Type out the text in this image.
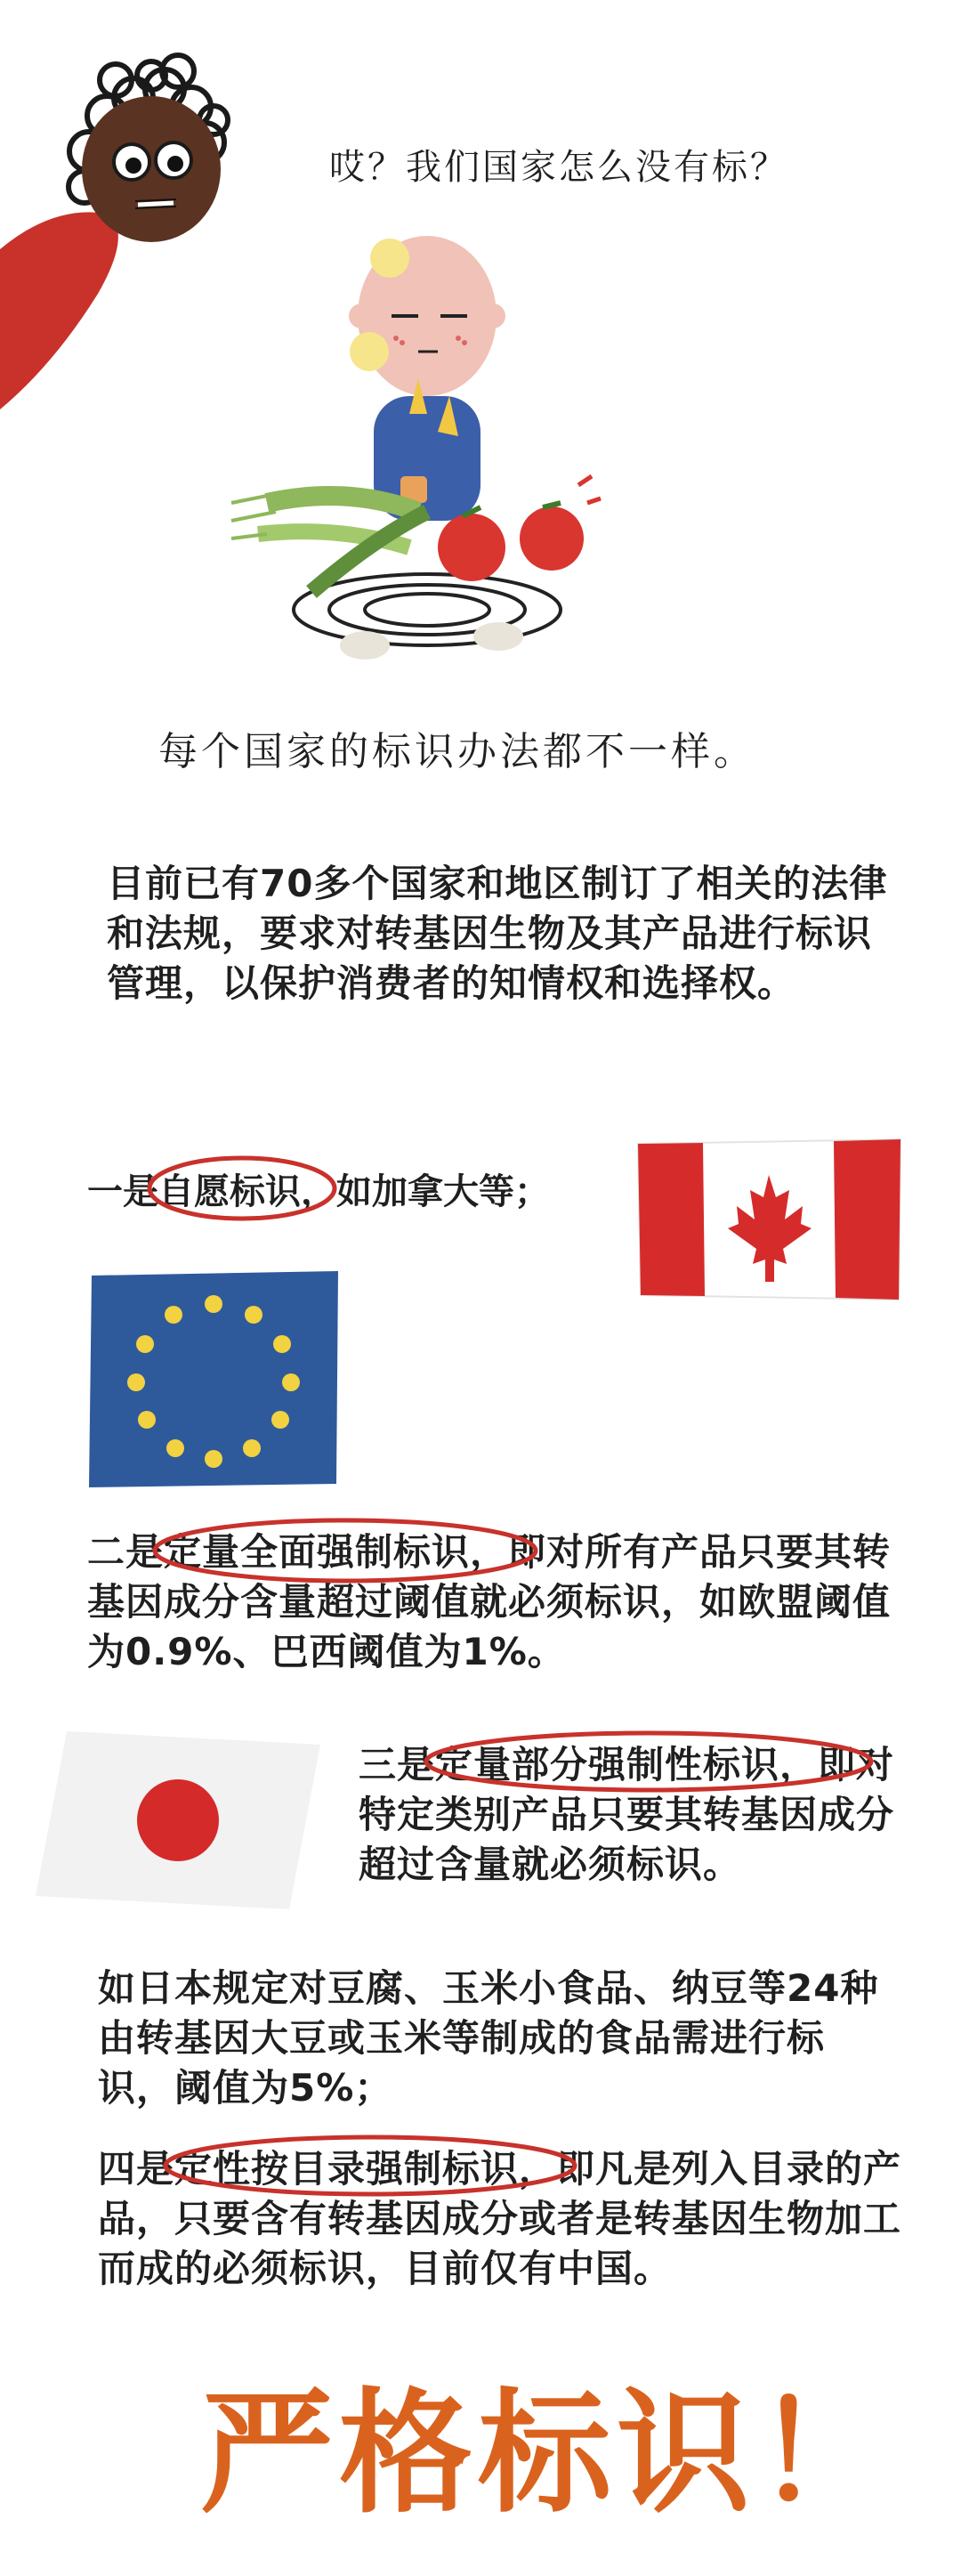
哎？我们国家怎么没有标？
每个国家的标识办法都不一样。
目前已有70多个国家和地区制订了相关的法律和法规，要求对转基因生物及其产品进行标识管理，以保护消费者的知情权和选择权。
一是
自愿标识，如加拿大等；
二是
定量全面强制标识，即对所有产品只要其转基因成分含量超过阈值就必须标识，如欧盟阈值为0.9%、巴西阈值为1%。
三是
定量部分强制性标识，即对特定类别产品只要其转基因成分超过含量就必须标识。
如日本规定对豆腐、玉米小食品、纳豆等24种由转基因大豆或玉米等制成的食品需进行标识，阈值为5%；
四是
定性按目录强制标识，即凡是列入目录的产品，只要含有转基因成分或者是转基因生物加工而成的必须标识，目前仅有中国。
严格标识！
